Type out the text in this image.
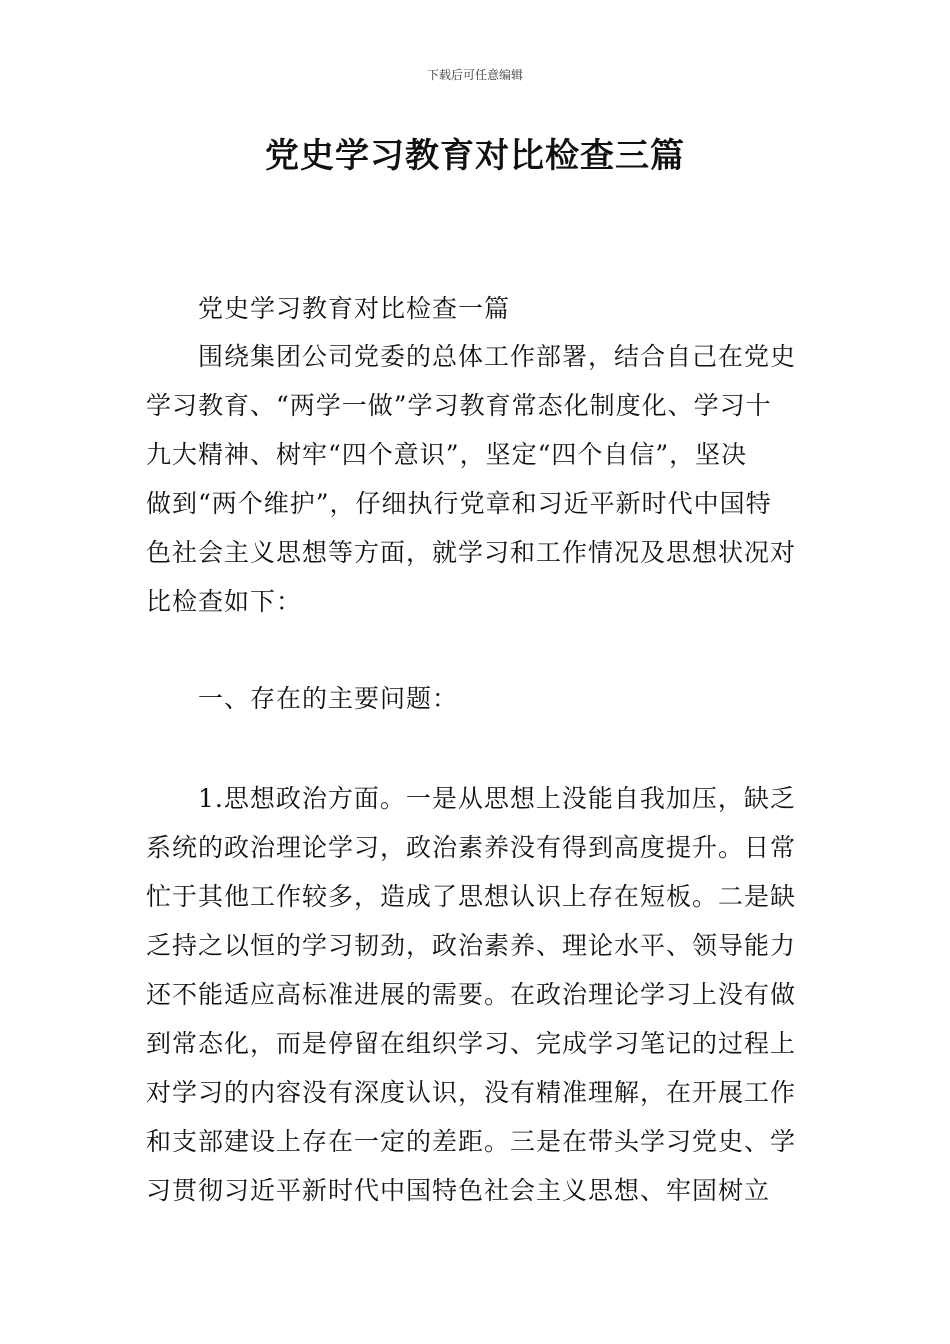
下载后可任意编辑
党史学习教育对比检查三篇
党史学习教育对比检查一篇
围绕集团公司党委的总体工作部署，结合自己在党史
学习教育、“两学一做”学习教育常态化制度化、学习十
九大精神、树牢“四个意识”，坚定“四个自信”，坚决
做到“两个维护”，仔细执行党章和习近平新时代中国特
色社会主义思想等方面，就学习和工作情况及思想状况对
比检查如下：
一、存在的主要问题：
1.思想政治方面。一是从思想上没能自我加压，缺乏
系统的政治理论学习，政治素养没有得到高度提升。日常
忙于其他工作较多，造成了思想认识上存在短板。二是缺
乏持之以恒的学习韧劲，政治素养、理论水平、领导能力
还不能适应高标准进展的需要。在政治理论学习上没有做
到常态化，而是停留在组织学习、完成学习笔记的过程上
对学习的内容没有深度认识，没有精准理解，在开展工作
和支部建设上存在一定的差距。三是在带头学习党史、学
习贯彻习近平新时代中国特色社会主义思想、牢固树立
